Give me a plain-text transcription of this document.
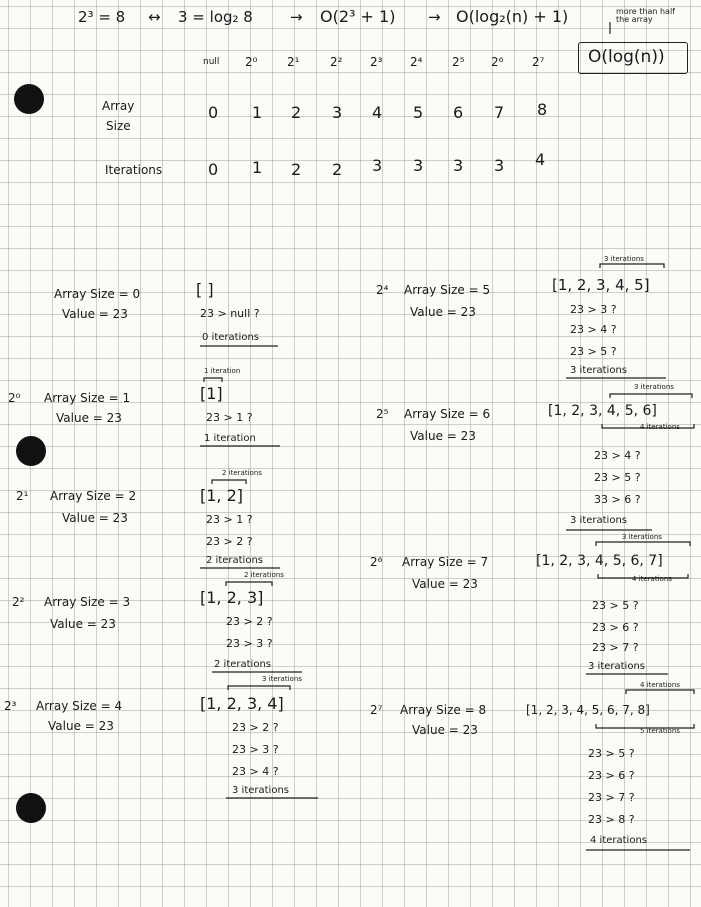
2³ = 8 ↔ 3 = log₂ 8 → O(2³ + 1) → O(log₂(n) + 1)	more than half the array
O(log(n))
null 2⁰ 2¹	2² 2³ 2⁴ 2⁵ 2⁶ 2⁷
Array
Size
0 1 2 3 4 5 6 7 8
Iterations	0 1 2 2 3 3 3 3 4
Array Size = 0
Value = 23
[ ]
23 > null ?
0 iterations
2⁰ Array Size = 1
Value = 23
1 iteration
[1]
23 > 1 ?
1 iteration
2¹ Array Size = 2
Value = 23
2 iterations
[1, 2]
23 > 1 ?
23 > 2 ?
2 iterations
2² Array Size = 3
Value = 23
2 iterations
[1, 2, 3]
23 > 2 ?
23 > 3 ?
2 iterations
2³ Array Size = 4
Value = 23
3 iterations
[1, 2, 3, 4]
23 > 2 ?
23 > 3 ?
23 > 4 ?
3 iterations
2⁴ Array Size = 5
Value = 23
3 iterations
[1, 2, 3, 4, 5]
23 > 3 ?
23 > 4 ?
23 > 5 ?
3 iterations
2⁵ Array Size = 6
Value = 23
3 iterations
[1, 2, 3, 4, 5, 6]
4 iterations
23 > 4 ?
23 > 5 ?
33 > 6 ?
3 iterations
2⁶ Array Size = 7
Value = 23
3 iterations
[1, 2, 3, 4, 5, 6, 7]
4 iterations
23 > 5 ?
23 > 6 ?
23 > 7 ?
3 iterations
2⁷ Array Size = 8
Value = 23
4 iterations
[1, 2, 3, 4, 5, 6, 7, 8]
5 iterations
23 > 5 ?
23 > 6 ?
23 > 7 ?
23 > 8 ?
4 iterations
